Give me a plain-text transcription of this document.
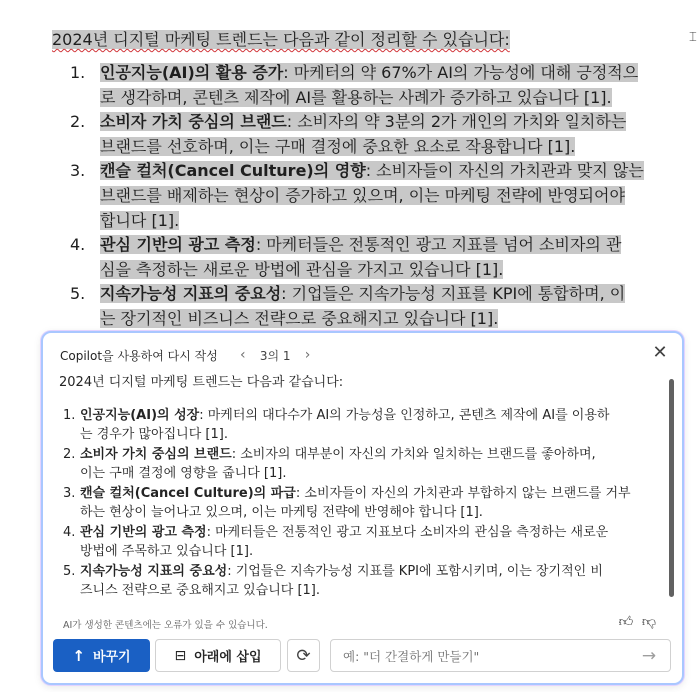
2024년 디지털 마케팅 트렌드는 다음과 같이 정리할 수 있습니다:

1. 인공지능(AI)의 활용 증가: 마케터의 약 67%가 AI의 가능성에 대해 긍정적으
로 생각하며, 콘텐츠 제작에 AI를 활용하는 사례가 증가하고 있습니다 [1].
2. 소비자 가치 중심의 브랜드: 소비자의 약 3분의 2가 개인의 가치와 일치하는
브랜드를 선호하며, 이는 구매 결정에 중요한 요소로 작용합니다 [1].
3. 캔슬 컬처(Cancel Culture)의 영향: 소비자들이 자신의 가치관과 맞지 않는
브랜드를 배제하는 현상이 증가하고 있으며, 이는 마케팅 전략에 반영되어야
합니다 [1].
4. 관심 기반의 광고 측정: 마케터들은 전통적인 광고 지표를 넘어 소비자의 관
심을 측정하는 새로운 방법에 관심을 가지고 있습니다 [1].
5. 지속가능성 지표의 중요성: 기업들은 지속가능성 지표를 KPI에 통합하며, 이
는 장기적인 비즈니스 전략으로 중요해지고 있습니다 [1].
⌶
Copilot을 사용하여 다시 작성	‹	3의 1	›	✕

2024년 디지털 마케팅 트렌드는 다음과 같습니다:

1. 인공지능(AI)의 성장: 마케터의 대다수가 AI의 가능성을 인정하고, 콘텐츠 제작에 AI를 이용하
는 경우가 많아집니다 [1].
2. 소비자 가치 중심의 브랜드: 소비자의 대부분이 자신의 가치와 일치하는 브랜드를 좋아하며,
이는 구매 결정에 영향을 줍니다 [1].
3. 캔슬 컬처(Cancel Culture)의 파급: 소비자들이 자신의 가치관과 부합하지 않는 브랜드를 거부
하는 현상이 늘어나고 있으며, 이는 마케팅 전략에 반영해야 합니다 [1].
4. 관심 기반의 광고 측정: 마케터들은 전통적인 광고 지표보다 소비자의 관심을 측정하는 새로운
방법에 주목하고 있습니다 [1].
5. 지속가능성 지표의 중요성: 기업들은 지속가능성 지표를 KPI에 포함시키며, 이는 장기적인 비
즈니스 전략으로 중요해지고 있습니다 [1].
AI가 생성한 콘텐츠에는 오류가 있을 수 있습니다.	👍︎ 👎︎
↑ 바꾸기	⊟ 아래에 삽입 ⟳
예: "더 간결하게 만들기"	→
